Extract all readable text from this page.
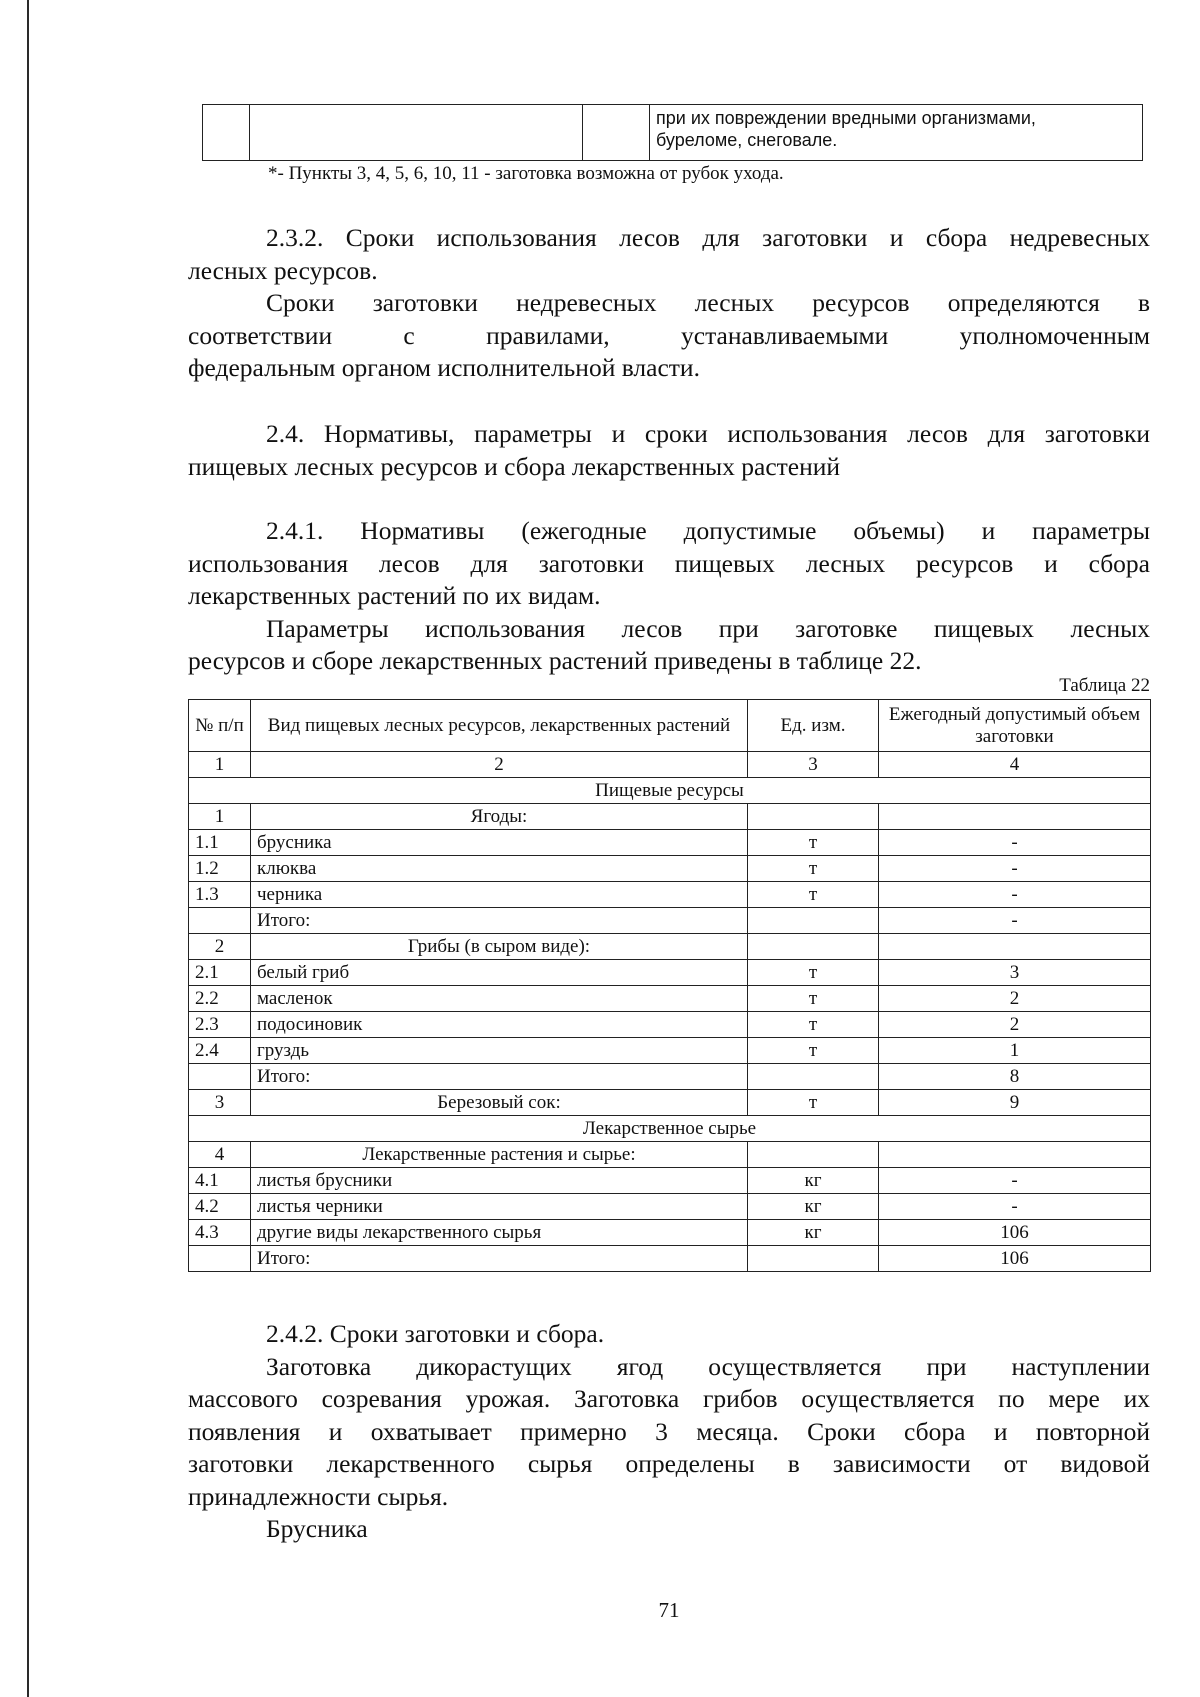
			при их повреждении вредными организмами,
буреломе, снеговале.
*- Пункты 3, 4, 5, 6, 10, 11 - заготовка возможна от рубок ухода.
2.3.2. Сроки использования лесов для заготовки и сбора недревесных
лесных ресурсов.
Сроки заготовки недревесных лесных ресурсов определяются в
соответствии с правилами, устанавливаемыми уполномоченным
федеральным органом исполнительной власти.
2.4. Нормативы, параметры и сроки использования лесов для заготовки
пищевых лесных ресурсов и сбора лекарственных растений
2.4.1. Нормативы (ежегодные допустимые объемы) и параметры
использования лесов для заготовки пищевых лесных ресурсов и сбора
лекарственных растений по их видам.
Параметры использования лесов при заготовке пищевых лесных
ресурсов и сборе лекарственных растений приведены в таблице 22.
Таблица 22
№ п/п	Вид пищевых лесных ресурсов, лекарственных растений	Ед. изм.	Ежегодный допустимый объем заготовки
1	2	3	4
Пищевые ресурсы			
1	Ягоды:		
1.1	брусника	т	-
1.2	клюква	т	-
1.3	черника	т	-
	Итого:		-
2	Грибы (в сыром виде):		
2.1	белый гриб	т	3
2.2	масленок	т	2
2.3	подосиновик	т	2
2.4	груздь	т	1
	Итого:		8
3	Березовый сок:	т	9
Лекарственное сырье			
4	Лекарственные растения и сырье:		
4.1	листья брусники	кг	-
4.2	листья черники	кг	-
4.3	другие виды лекарственного сырья	кг	106
	Итого:		106
2.4.2. Сроки заготовки и сбора.
Заготовка дикорастущих ягод осуществляется при наступлении
массового созревания урожая. Заготовка грибов осуществляется по мере их
появления и охватывает примерно 3 месяца. Сроки сбора и повторной
заготовки лекарственного сырья определены в зависимости от видовой
принадлежности сырья.
Брусника
71
